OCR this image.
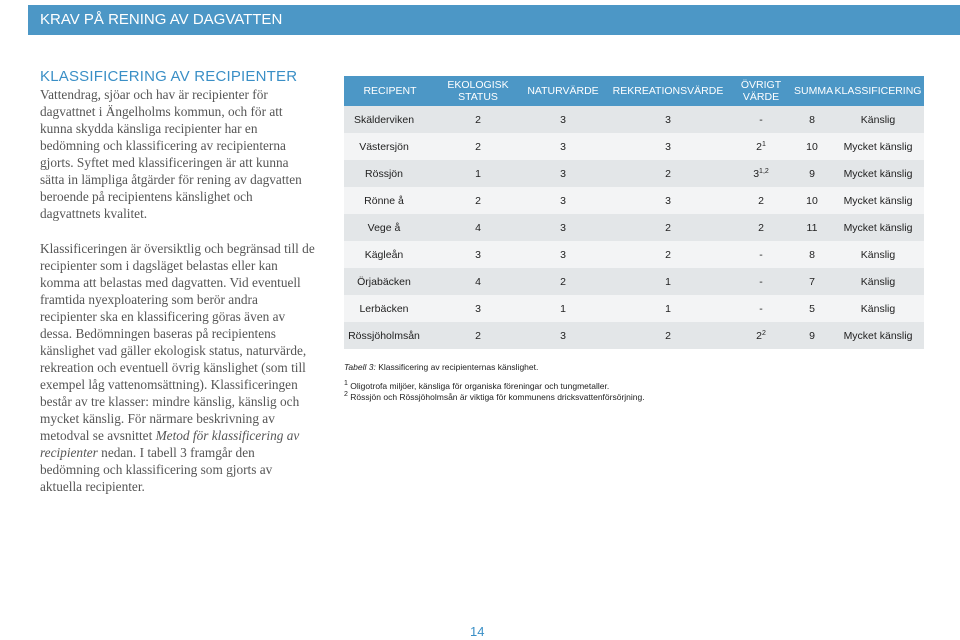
KRAV PÅ RENING AV DAGVATTEN
KLASSIFICERING AV RECIPIENTER

Vattendrag, sjöar och hav är recipienter för dagvattnet i Ängelholms kommun, och för att kunna skydda känsliga recipienter har en bedömning och klassificering av recipienterna gjorts. Syftet med klassificeringen är att kunna sätta in lämpliga åtgärder för rening av dagvatten beroende på recipientens känslighet och dagvattnets kvalitet.

Klassificeringen är översiktlig och begränsad till de recipienter som i dagsläget belastas eller kan komma att belastas med dagvatten. Vid eventuell framtida nyexploatering som berör andra recipienter ska en klassificering göras även av dessa. Bedömningen baseras på recipientens känslighet vad gäller ekologisk status, naturvärde, rekreation och eventuell övrig känslighet (som till exempel låg vattenomsättning). Klassificeringen består av tre klasser: mindre känslig, känslig och mycket känslig. För närmare beskrivning av metodval se avsnittet Metod för klassificering av recipienter nedan. I tabell 3 framgår den bedömning och klassificering som gjorts av aktuella recipienter.

RECIPENT	EKOLOGISK STATUS	NATURVÄRDE	REKREATIONSVÄRDE	ÖVRIGT VÄRDE	SUMMA	KLASSIFICERING
Skälderviken	2	3	3	-	8	Känslig
Västersjön	2	3	3	$2^1$	10	Mycket känslig
Rössjön	1	3	2	3$^{1,2}$	9	Mycket känslig
Rönne å	2	3	3	2	10	Mycket känslig
Vege å	4	3	2	2	11	Mycket känslig
Kägleån	3	3	2	-	8	Känslig
Örjabäcken	4	2	1	-	7	Känslig
Lerbäcken	3	1	1	-	5	Känslig
Rössjöholmsån	2	3	2	$2^2$	9	Mycket känslig
Tabell 3: Klassificering av recipienternas känslighet.
$^1$ Oligotrofa miljöer, känsliga för organiska föreningar och tungmetaller.
$^2$ Rössjön och Rössjöholmsån är viktiga för kommunens dricksvattenförsörjning.
14
